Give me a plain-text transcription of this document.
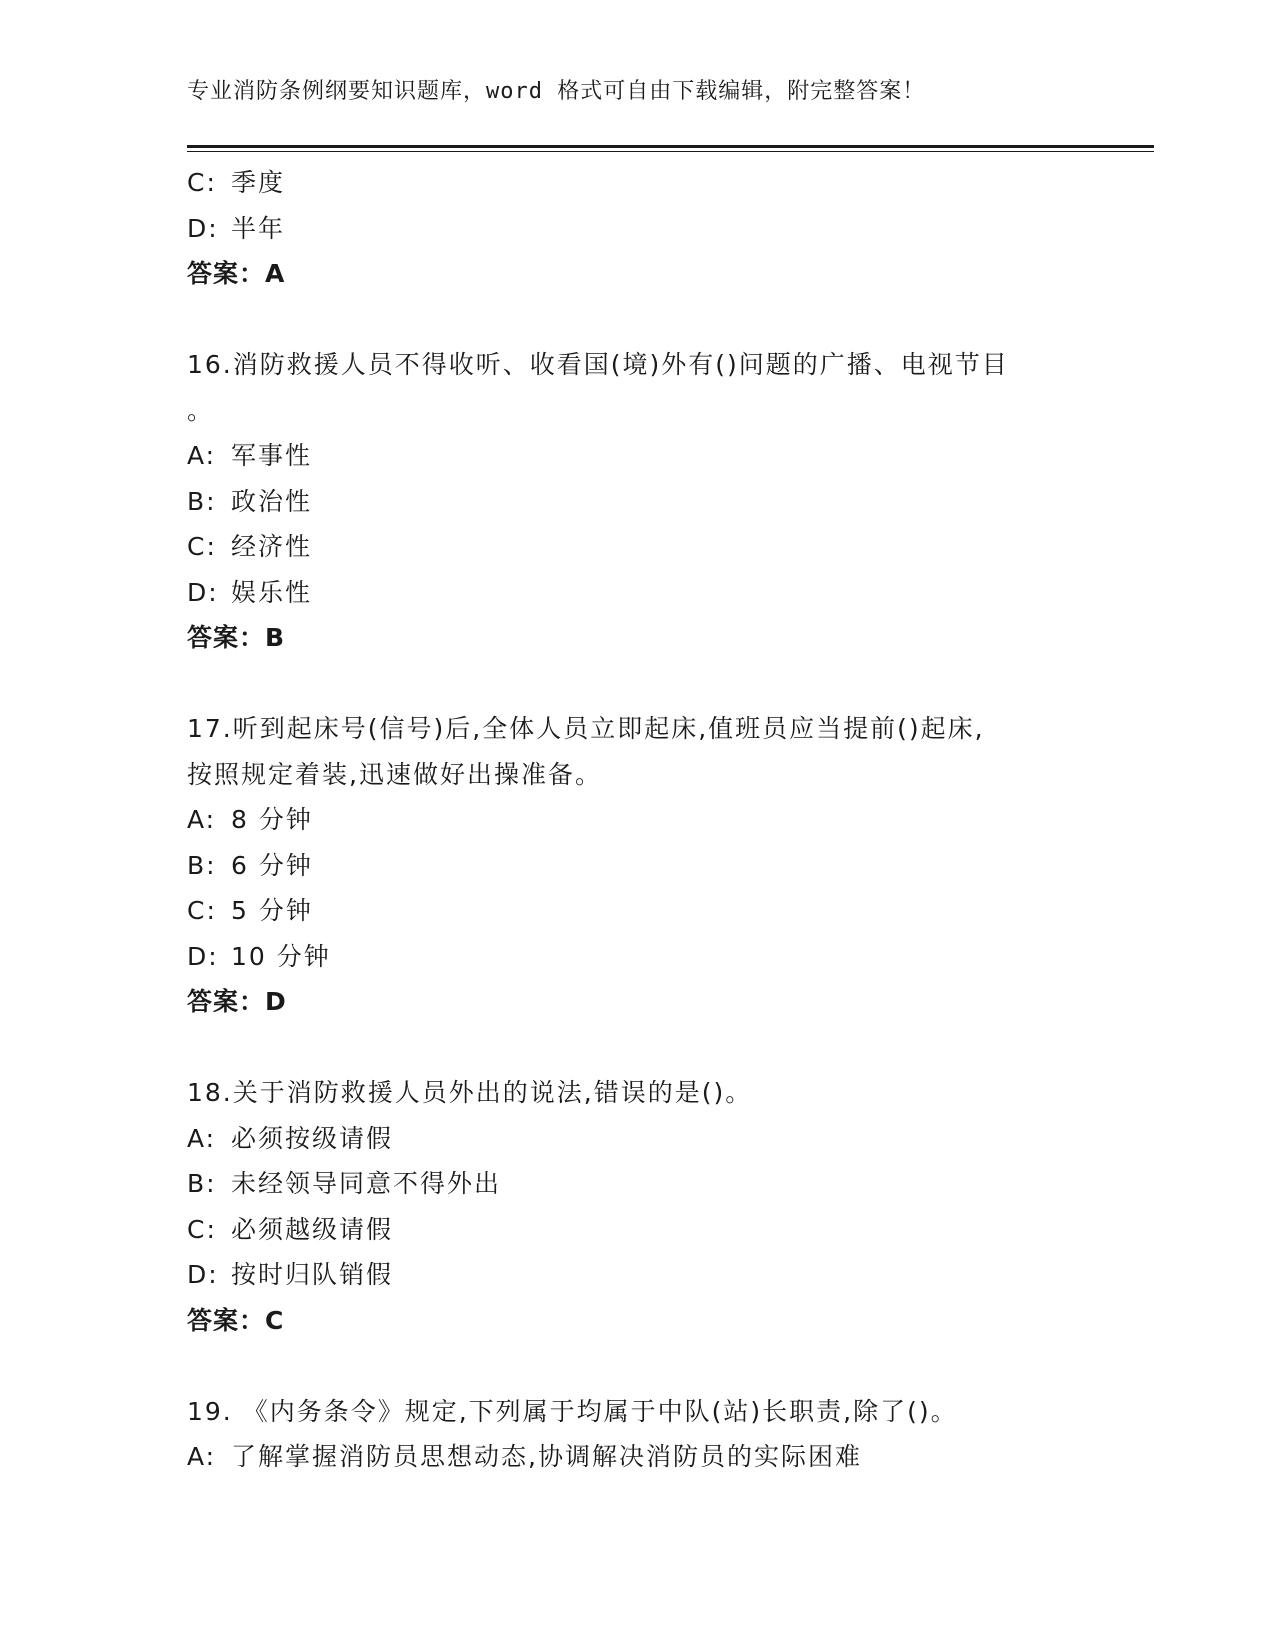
专业消防条例纲要知识题库，word 格式可自由下载编辑，附完整答案！
C: 季度
D: 半年
答案：A
16.消防救援人员不得收听、收看国(境)外有()问题的广播、电视节目
。
A: 军事性
B: 政治性
C: 经济性
D: 娱乐性
答案：B
17.听到起床号(信号)后,全体人员立即起床,值班员应当提前()起床,
按照规定着装,迅速做好出操准备。
A: 8 分钟
B: 6 分钟
C: 5 分钟
D: 10 分钟
答案：D
18.关于消防救援人员外出的说法,错误的是()。
A: 必须按级请假
B: 未经领导同意不得外出
C: 必须越级请假
D: 按时归队销假
答案：C
19. 《内务条令》规定,下列属于均属于中队(站)长职责,除了()。
A: 了解掌握消防员思想动态,协调解决消防员的实际困难
